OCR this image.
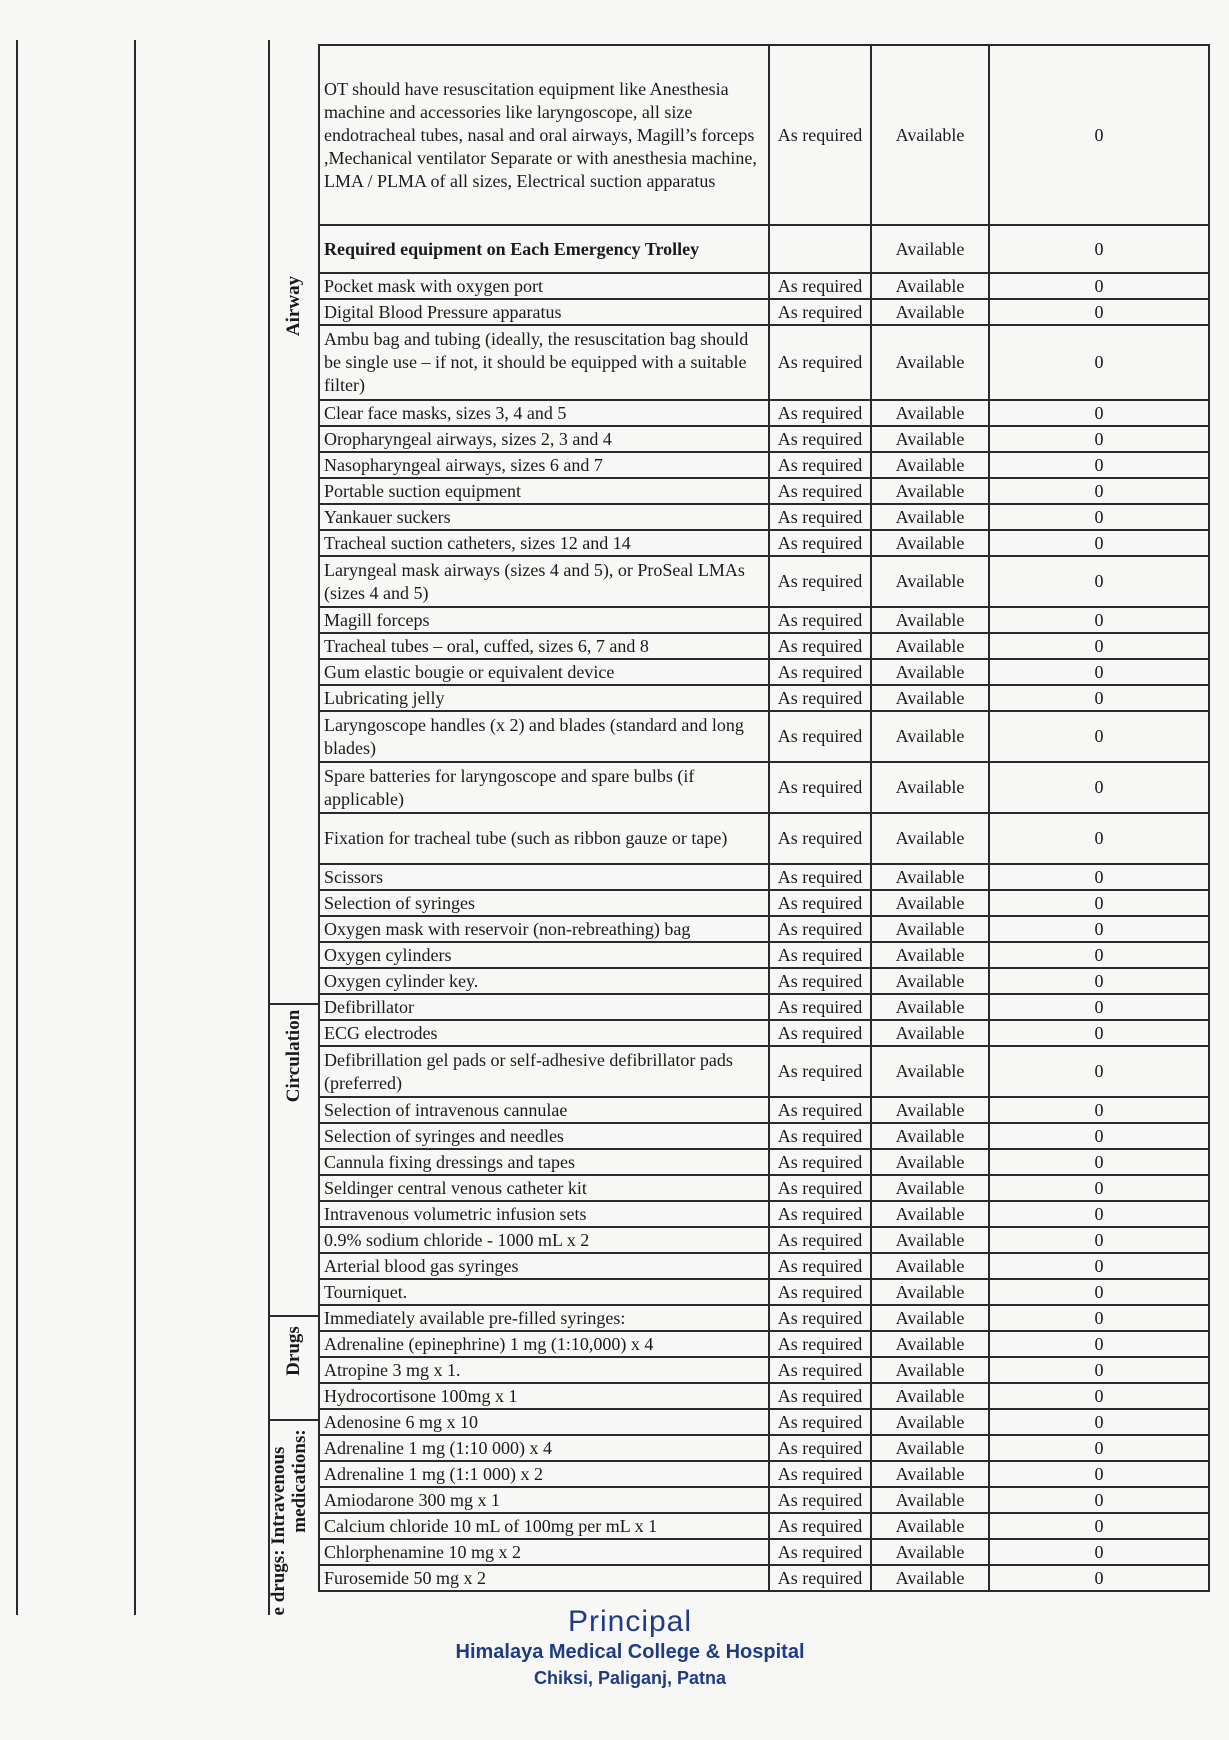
Airway
Circulation
Drugs
e drugs: Intravenous medications:
OT should have resuscitation equipment like Anesthesia machine and accessories like laryngoscope, all size endotracheal tubes, nasal and oral airways, Magill’s forceps ,Mechanical ventilator Separate or with anesthesia machine, LMA / PLMA of all sizes, Electrical suction apparatus	As required	Available	0
Required equipment on Each Emergency Trolley		Available	0
Pocket mask with oxygen port	As required	Available	0
Digital Blood Pressure apparatus	As required	Available	0
Ambu bag and tubing (ideally, the resuscitation bag should be single use – if not, it should be equipped with a suitable filter)	As required	Available	0
Clear face masks, sizes 3, 4 and 5	As required	Available	0
Oropharyngeal airways, sizes 2, 3 and 4	As required	Available	0
Nasopharyngeal airways, sizes 6 and 7	As required	Available	0
Portable suction equipment	As required	Available	0
Yankauer suckers	As required	Available	0
Tracheal suction catheters, sizes 12 and 14	As required	Available	0
Laryngeal mask airways (sizes 4 and 5), or ProSeal LMAs (sizes 4 and 5)	As required	Available	0
Magill forceps	As required	Available	0
Tracheal tubes – oral, cuffed, sizes 6, 7 and 8	As required	Available	0
Gum elastic bougie or equivalent device	As required	Available	0
Lubricating jelly	As required	Available	0
Laryngoscope handles (x 2) and blades (standard and long blades)	As required	Available	0
Spare batteries for laryngoscope and spare bulbs (if applicable)	As required	Available	0
Fixation for tracheal tube (such as ribbon gauze or tape)	As required	Available	0
Scissors	As required	Available	0
Selection of syringes	As required	Available	0
Oxygen mask with reservoir (non-rebreathing) bag	As required	Available	0
Oxygen cylinders	As required	Available	0
Oxygen cylinder key.	As required	Available	0
Defibrillator	As required	Available	0
ECG electrodes	As required	Available	0
Defibrillation gel pads or self-adhesive defibrillator pads (preferred)	As required	Available	0
Selection of intravenous cannulae	As required	Available	0
Selection of syringes and needles	As required	Available	0
Cannula fixing dressings and tapes	As required	Available	0
Seldinger central venous catheter kit	As required	Available	0
Intravenous volumetric infusion sets	As required	Available	0
0.9% sodium chloride - 1000 mL x 2	As required	Available	0
Arterial blood gas syringes	As required	Available	0
Tourniquet.	As required	Available	0
Immediately available pre-filled syringes:	As required	Available	0
Adrenaline (epinephrine) 1 mg (1:10,000) x 4	As required	Available	0
Atropine 3 mg x 1.	As required	Available	0
Hydrocortisone 100mg x 1	As required	Available	0
Adenosine 6 mg x 10	As required	Available	0
Adrenaline 1 mg (1:10 000) x 4	As required	Available	0
Adrenaline 1 mg (1:1 000) x 2	As required	Available	0
Amiodarone 300 mg x 1	As required	Available	0
Calcium chloride 10 mL of 100mg per mL x 1	As required	Available	0
Chlorphenamine 10 mg x 2	As required	Available	0
Furosemide 50 mg x 2	As required	Available	0
Principal
Himalaya Medical College & Hospital
Chiksi, Paliganj, Patna
